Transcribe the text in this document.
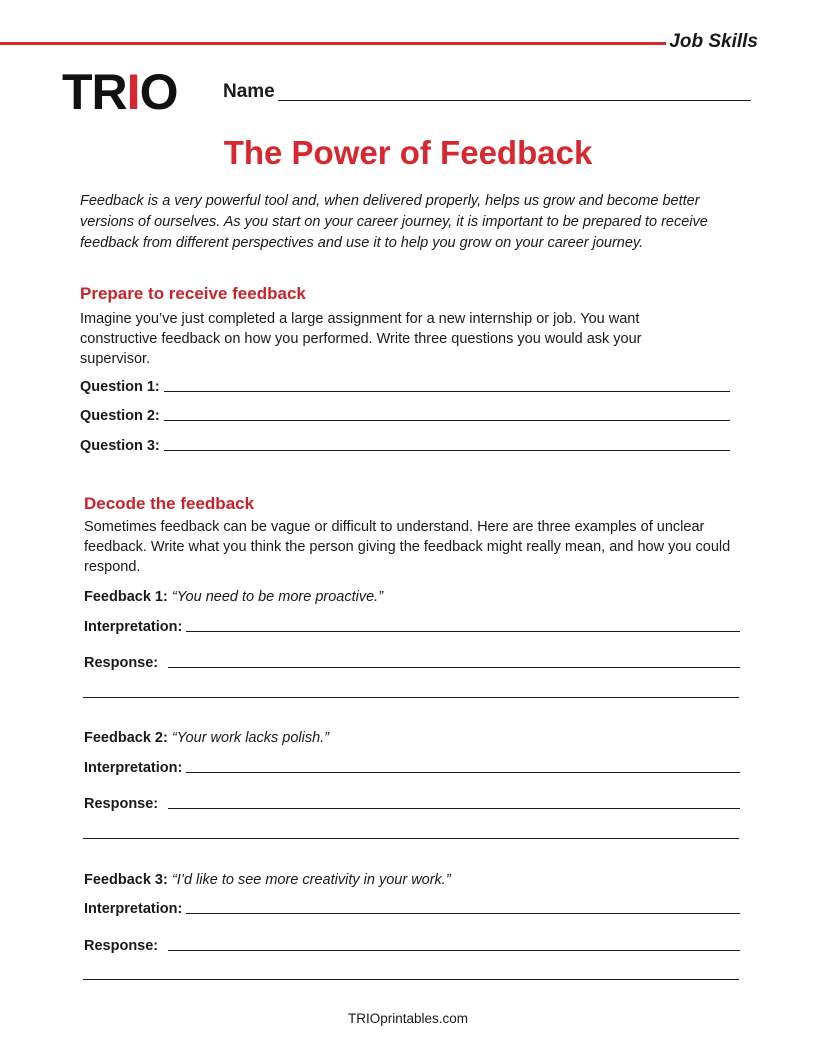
Job Skills
TRIO Name
The Power of Feedback
Feedback is a very powerful tool and, when delivered properly, helps us grow and become better versions of ourselves. As you start on your career journey, it is important to be prepared to receive feedback from different perspectives and use it to help you grow on your career journey.
Prepare to receive feedback
Imagine you’ve just completed a large assignment for a new internship or job. You want constructive feedback on how you performed. Write three questions you would ask your supervisor.
Question 1:
Question 2:
Question 3:
Decode the feedback
Sometimes feedback can be vague or difficult to understand. Here are three examples of unclear feedback. Write what you think the person giving the feedback might really mean, and how you could respond.
Feedback 1: “You need to be more proactive.”
Interpretation:
Response:
Feedback 2: “Your work lacks polish.”
Interpretation:
Response:
Feedback 3: “I’d like to see more creativity in your work.”
Interpretation:
Response:
TRIOprintables.com
